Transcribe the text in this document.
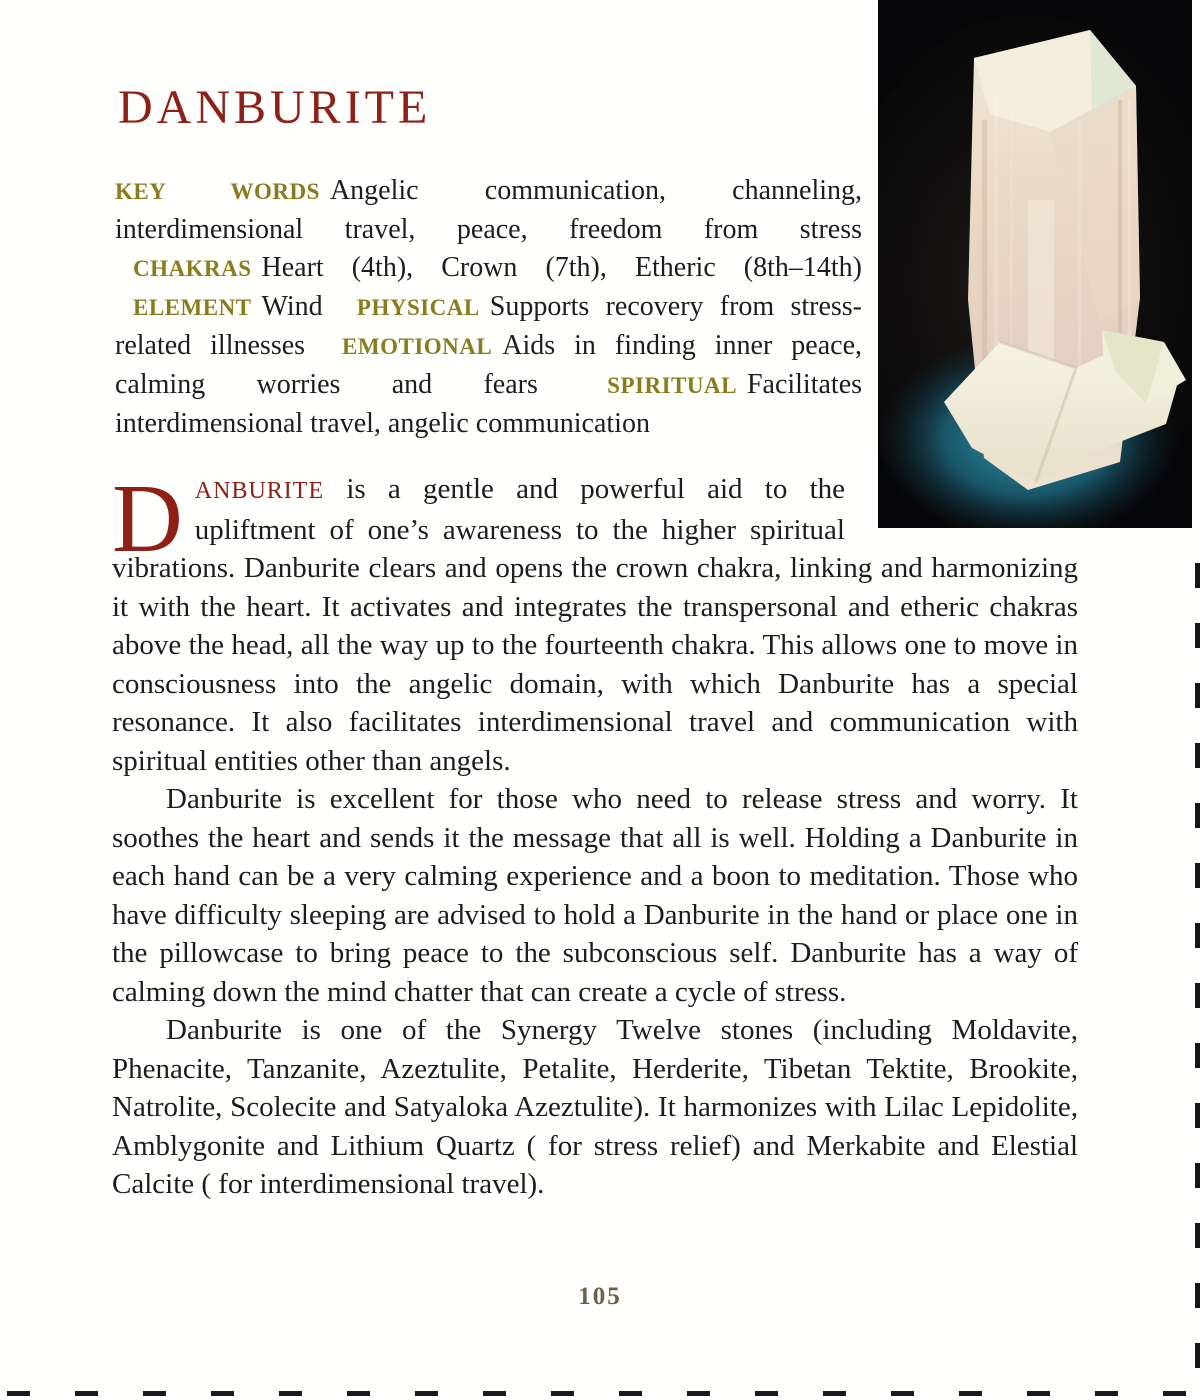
DANBURITE
KEY WORDS Angelic communication, channeling, interdimensional travel, peace, freedom from stress CHAKRAS Heart (4th), Crown (7th), Etheric (8th–14th) ELEMENT Wind PHYSICAL Supports recovery from stress-related illnesses EMOTIONAL Aids in finding inner peace, calming worries and fears	SPIRITUAL Facilitates interdimensional travel, angelic communication

D ANBURITE is a gentle and powerful aid to the upliftment of one’s awareness to the higher spiritual vibrations. Danburite clears and opens the crown chakra, linking and harmonizing it with the heart. It activates and integrates the transpersonal and etheric chakras above the head, all the way up to the fourteenth chakra. This allows one to move in consciousness into the angelic domain, with which Danburite has a special resonance. It also facilitates interdimensional travel and communication with spiritual entities other than angels.

Danburite is excellent for those who need to release stress and worry. It soothes the heart and sends it the message that all is well. Holding a Danburite in each hand can be a very calming experience and a boon to meditation. Those who have difficulty sleeping are advised to hold a Danburite in the hand or place one in the pillowcase to bring peace to the subconscious self. Danburite has a way of calming down the mind chatter that can create a cycle of stress.

Danburite is one of the Synergy Twelve stones (including Moldavite, Phenacite, Tanzanite, Azeztulite, Petalite, Herderite, Tibetan Tektite, Brookite, Natrolite, Scolecite and Satyaloka Azeztulite). It harmonizes with Lilac Lepidolite, Amblygonite and Lithium Quartz ( for stress relief) and Merkabite and Elestial Calcite ( for interdimensional travel).

105
